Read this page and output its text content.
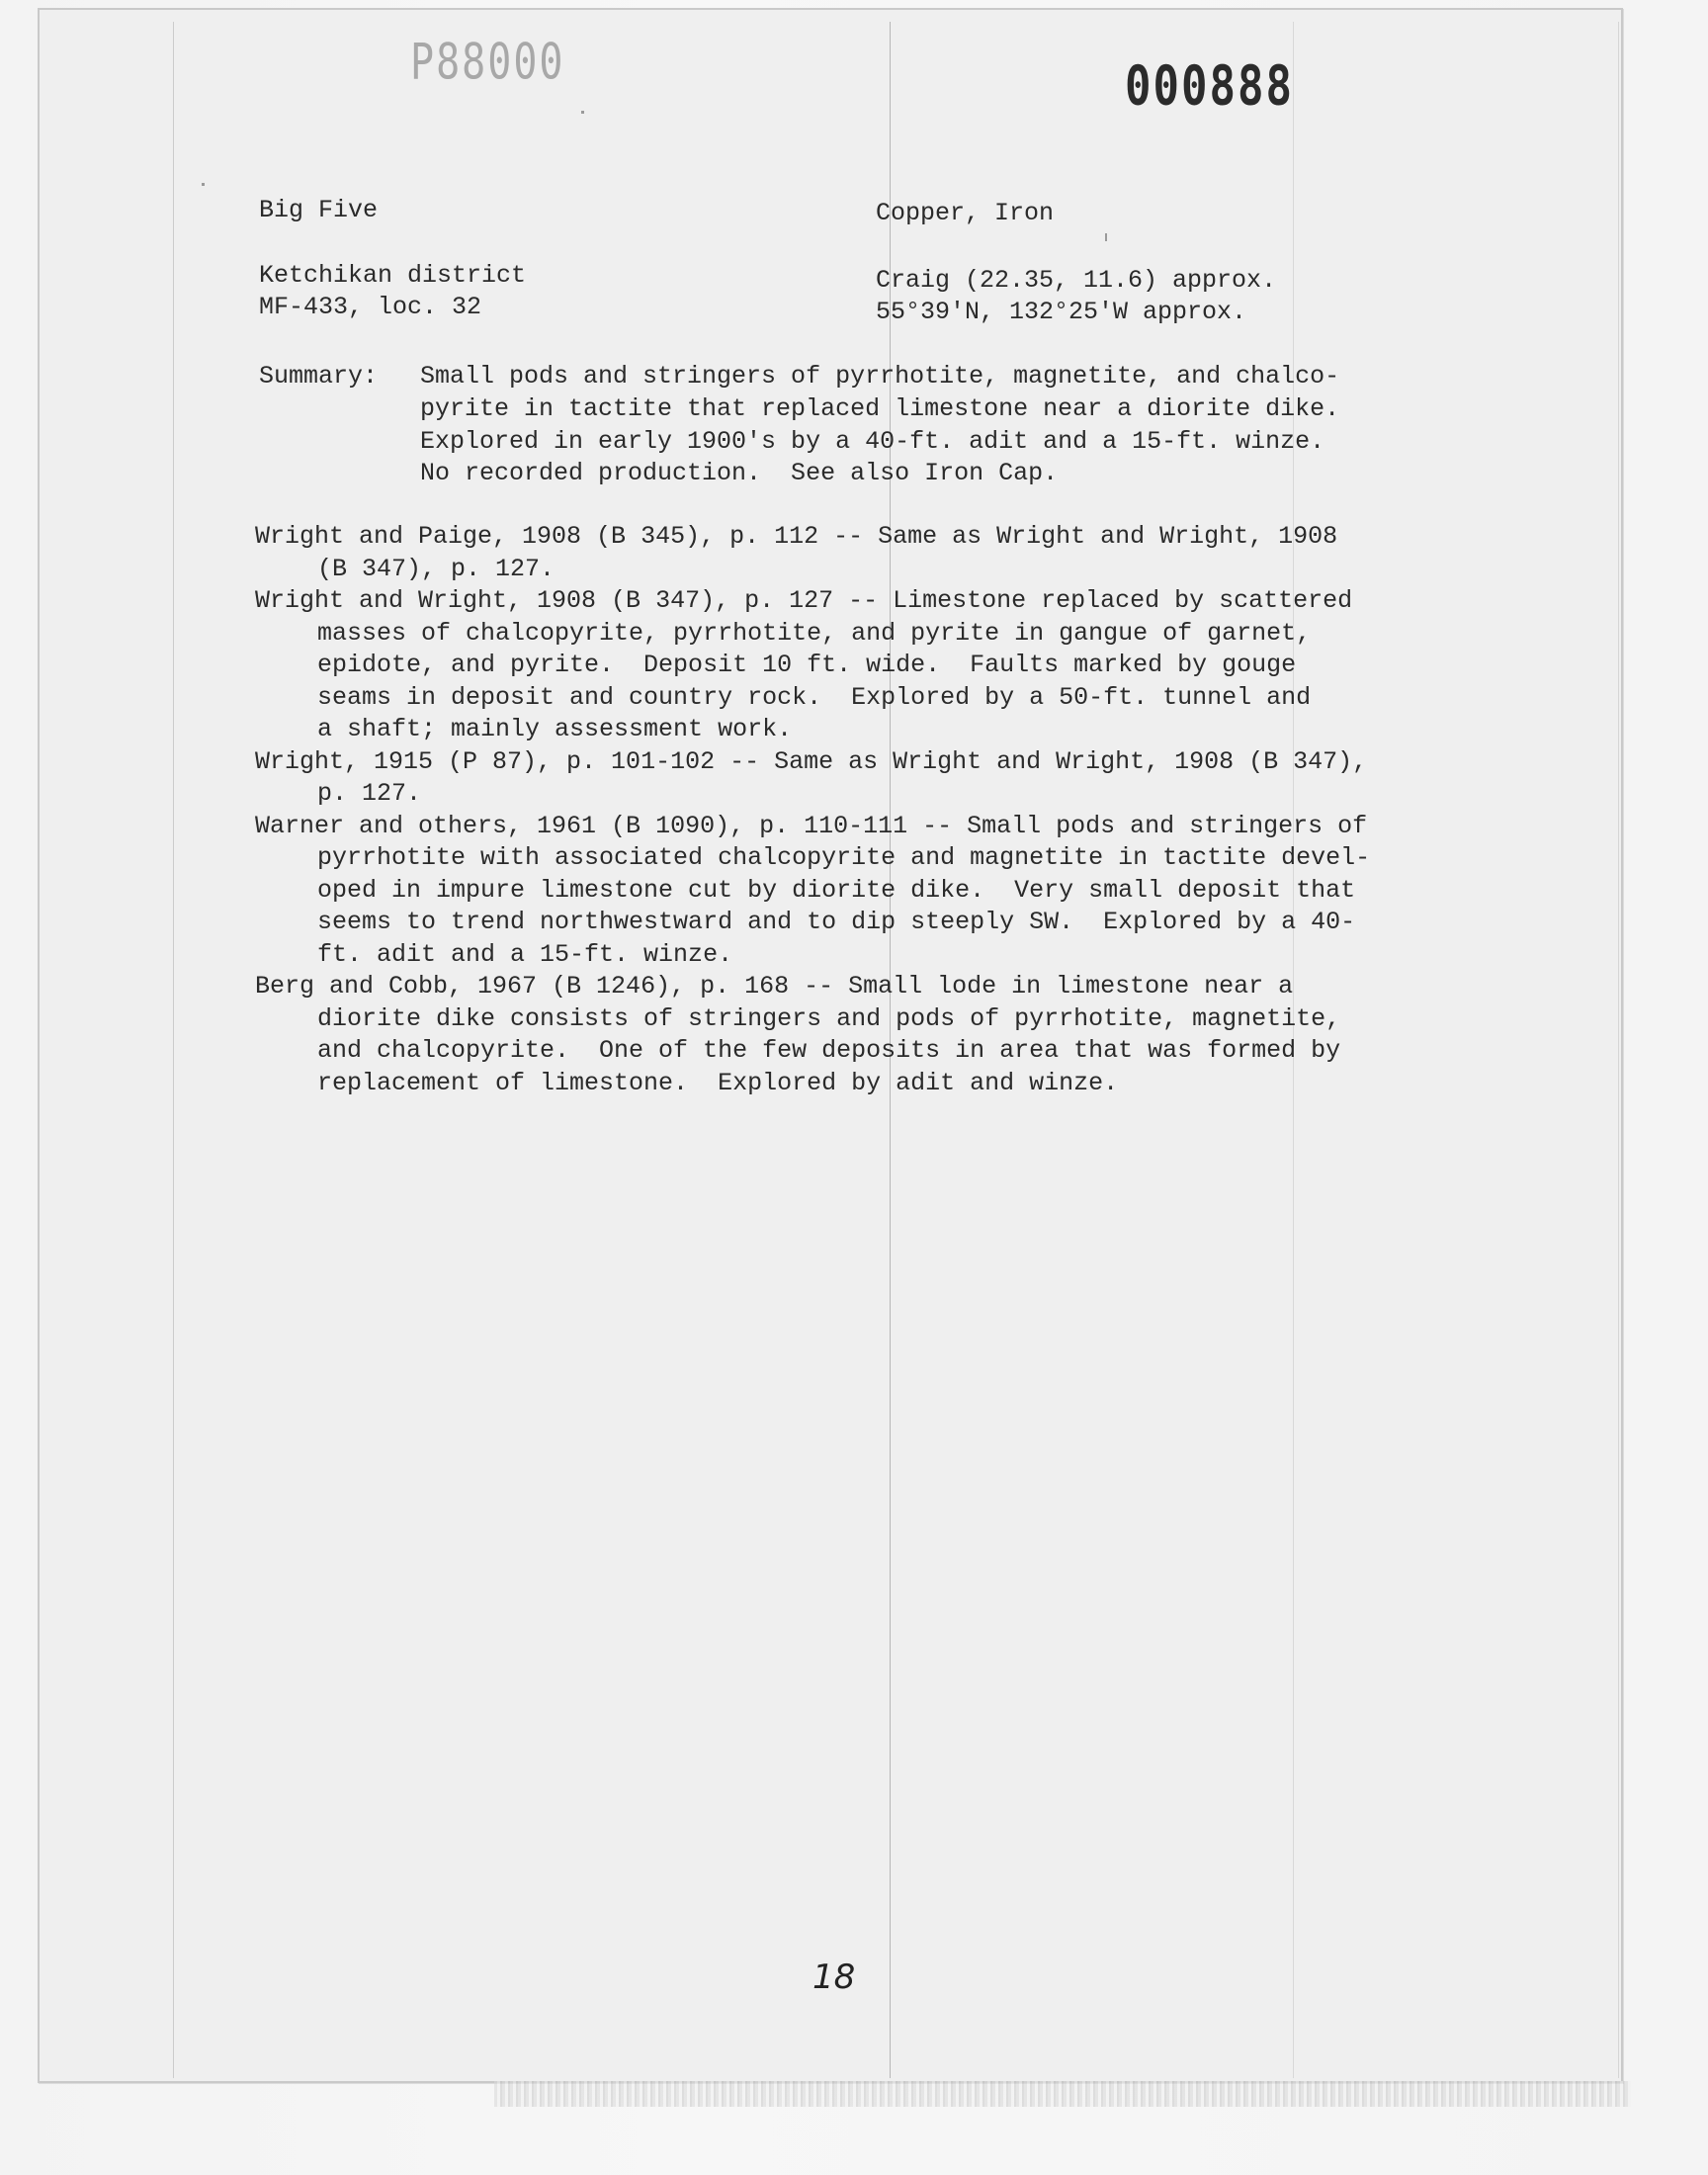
P88000	000888
Big Five	Copper, Iron
Ketchikan district
MF-433, loc. 32
Craig (22.35, 11.6) approx.
55°39'N, 132°25'W approx.
Summary: Small pods and stringers of pyrrhotite, magnetite, and chalco-
pyrite in tactite that replaced limestone near a diorite dike.
Explored in early 1900's by a 40-ft. adit and a 15-ft. winze.
No recorded production.  See also Iron Cap.

Wright and Paige, 1908 (B 345), p. 112 -- Same as Wright and Wright, 1908
(B 347), p. 127.

Wright and Wright, 1908 (B 347), p. 127 -- Limestone replaced by scattered
masses of chalcopyrite, pyrrhotite, and pyrite in gangue of garnet,
epidote, and pyrite.  Deposit 10 ft. wide.  Faults marked by gouge
seams in deposit and country rock.  Explored by a 50-ft. tunnel and
a shaft; mainly assessment work.

Wright, 1915 (P 87), p. 101-102 -- Same as Wright and Wright, 1908 (B 347),
p. 127.

Warner and others, 1961 (B 1090), p. 110-111 -- Small pods and stringers of
pyrrhotite with associated chalcopyrite and magnetite in tactite devel-
oped in impure limestone cut by diorite dike.  Very small deposit that
seems to trend northwestward and to dip steeply SW.  Explored by a 40-
ft. adit and a 15-ft. winze.

Berg and Cobb, 1967 (B 1246), p. 168 -- Small lode in limestone near a
diorite dike consists of stringers and pods of pyrrhotite, magnetite,
and chalcopyrite.  One of the few deposits in area that was formed by
replacement of limestone.  Explored by adit and winze.

18
